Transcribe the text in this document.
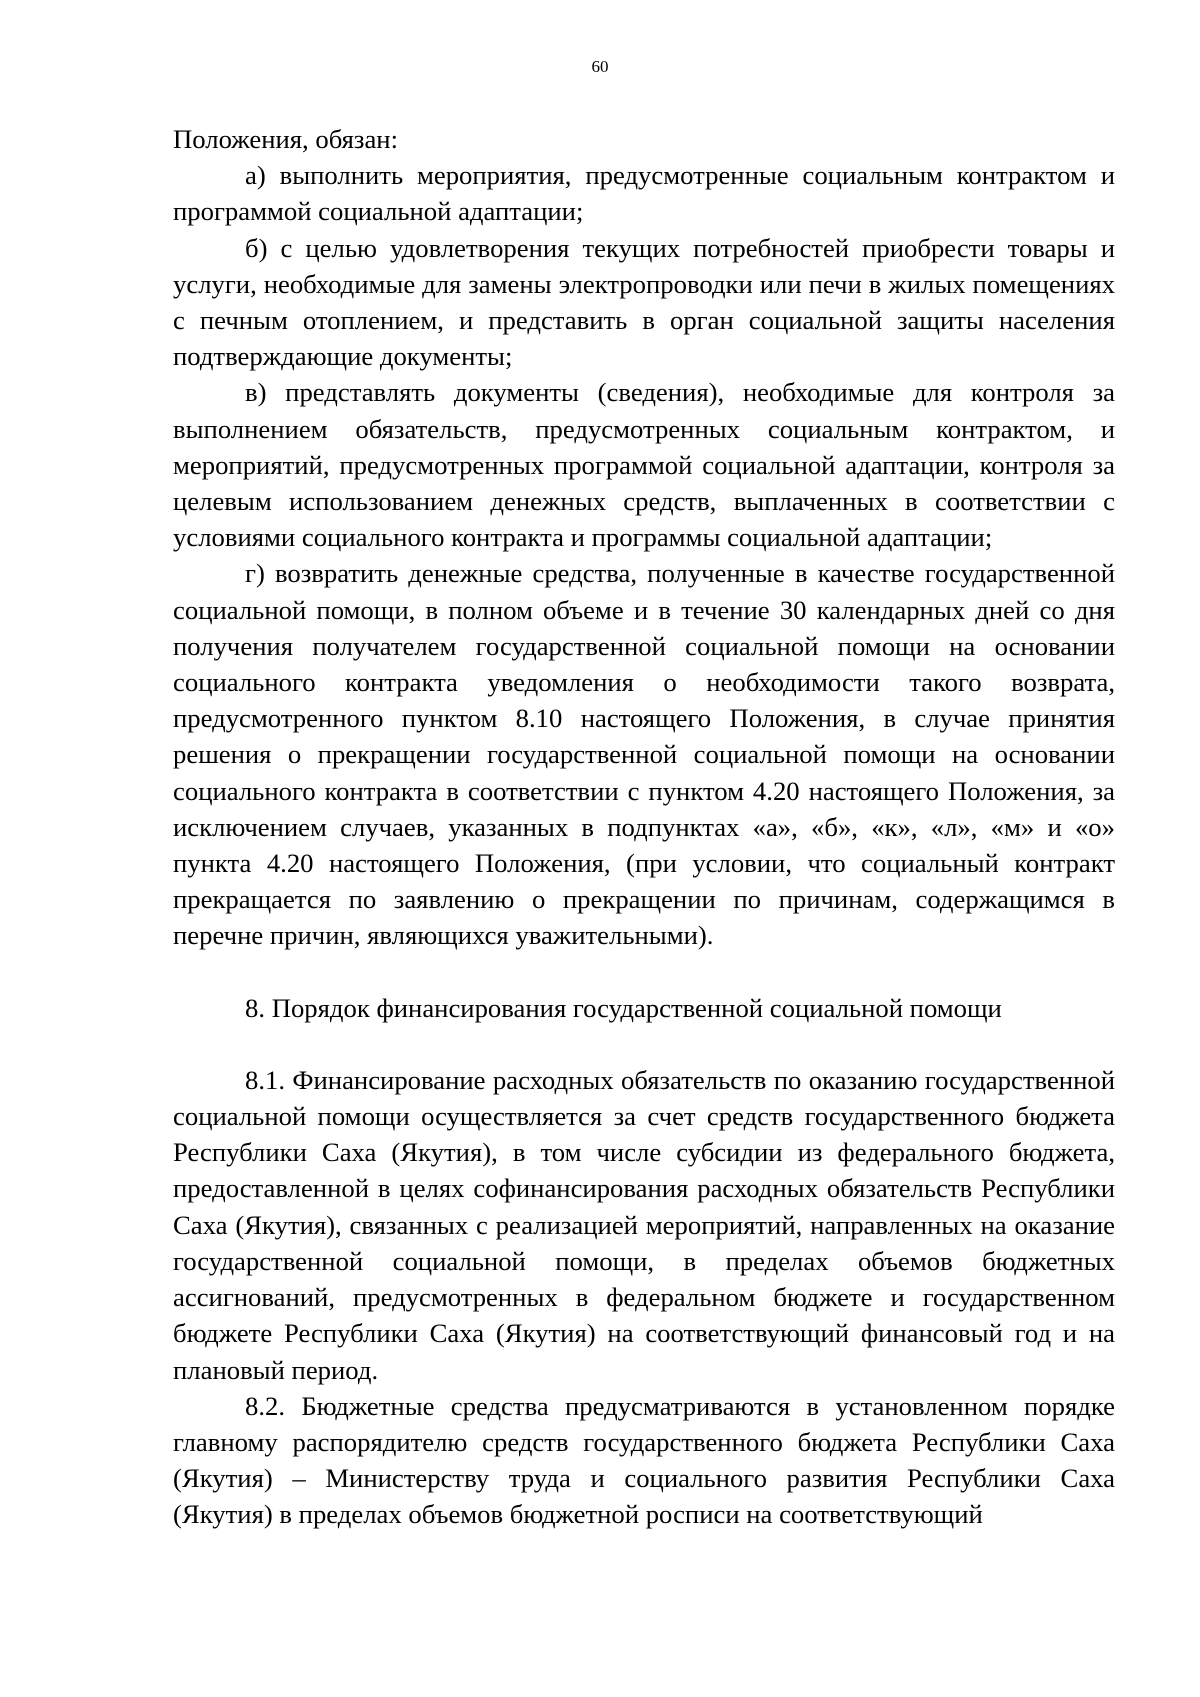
60

Положения, обязан:

а) выполнить мероприятия, предусмотренные социальным контрактом и программой социальной адаптации;

б) с целью удовлетворения текущих потребностей приобрести товары и услуги, необходимые для замены электропроводки или печи в жилых помещениях с печным отоплением, и представить в орган социальной защиты населения подтверждающие документы;

в) представлять документы (сведения), необходимые для контроля за выполнением обязательств, предусмотренных социальным контрактом, и мероприятий, предусмотренных программой социальной адаптации, контроля за целевым использованием денежных средств, выплаченных в соответствии с условиями социального контракта и программы социальной адаптации;

г) возвратить денежные средства, полученные в качестве государственной социальной помощи, в полном объеме и в течение 30 календарных дней со дня получения получателем государственной социальной помощи на основании социального контракта уведомления о необходимости такого возврата, предусмотренного пунктом 8.10 настоящего Положения, в случае принятия решения о прекращении государственной социальной помощи на основании социального контракта в соответствии с пунктом 4.20 настоящего Положения, за исключением случаев, указанных в подпунктах «а», «б», «к», «л», «м» и «о» пункта 4.20 настоящего Положения, (при условии, что социальный контракт прекращается по заявлению о прекращении по причинам, содержащимся в перечне причин, являющихся уважительными).

8. Порядок финансирования государственной социальной помощи

8.1. Финансирование расходных обязательств по оказанию государственной социальной помощи осуществляется за счет средств государственного бюджета Республики Саха (Якутия), в том числе субсидии из федерального бюджета, предоставленной в целях софинансирования расходных обязательств Республики Саха (Якутия), связанных с реализацией мероприятий, направленных на оказание государственной социальной помощи, в пределах объемов бюджетных ассигнований, предусмотренных в федеральном бюджете и государственном бюджете Республики Саха (Якутия) на соответствующий финансовый год и на плановый период.

8.2. Бюджетные средства предусматриваются в установленном порядке главному распорядителю средств государственного бюджета Республики Саха (Якутия) – Министерству труда и социального развития Республики Саха (Якутия) в пределах объемов бюджетной росписи на соответствующий
